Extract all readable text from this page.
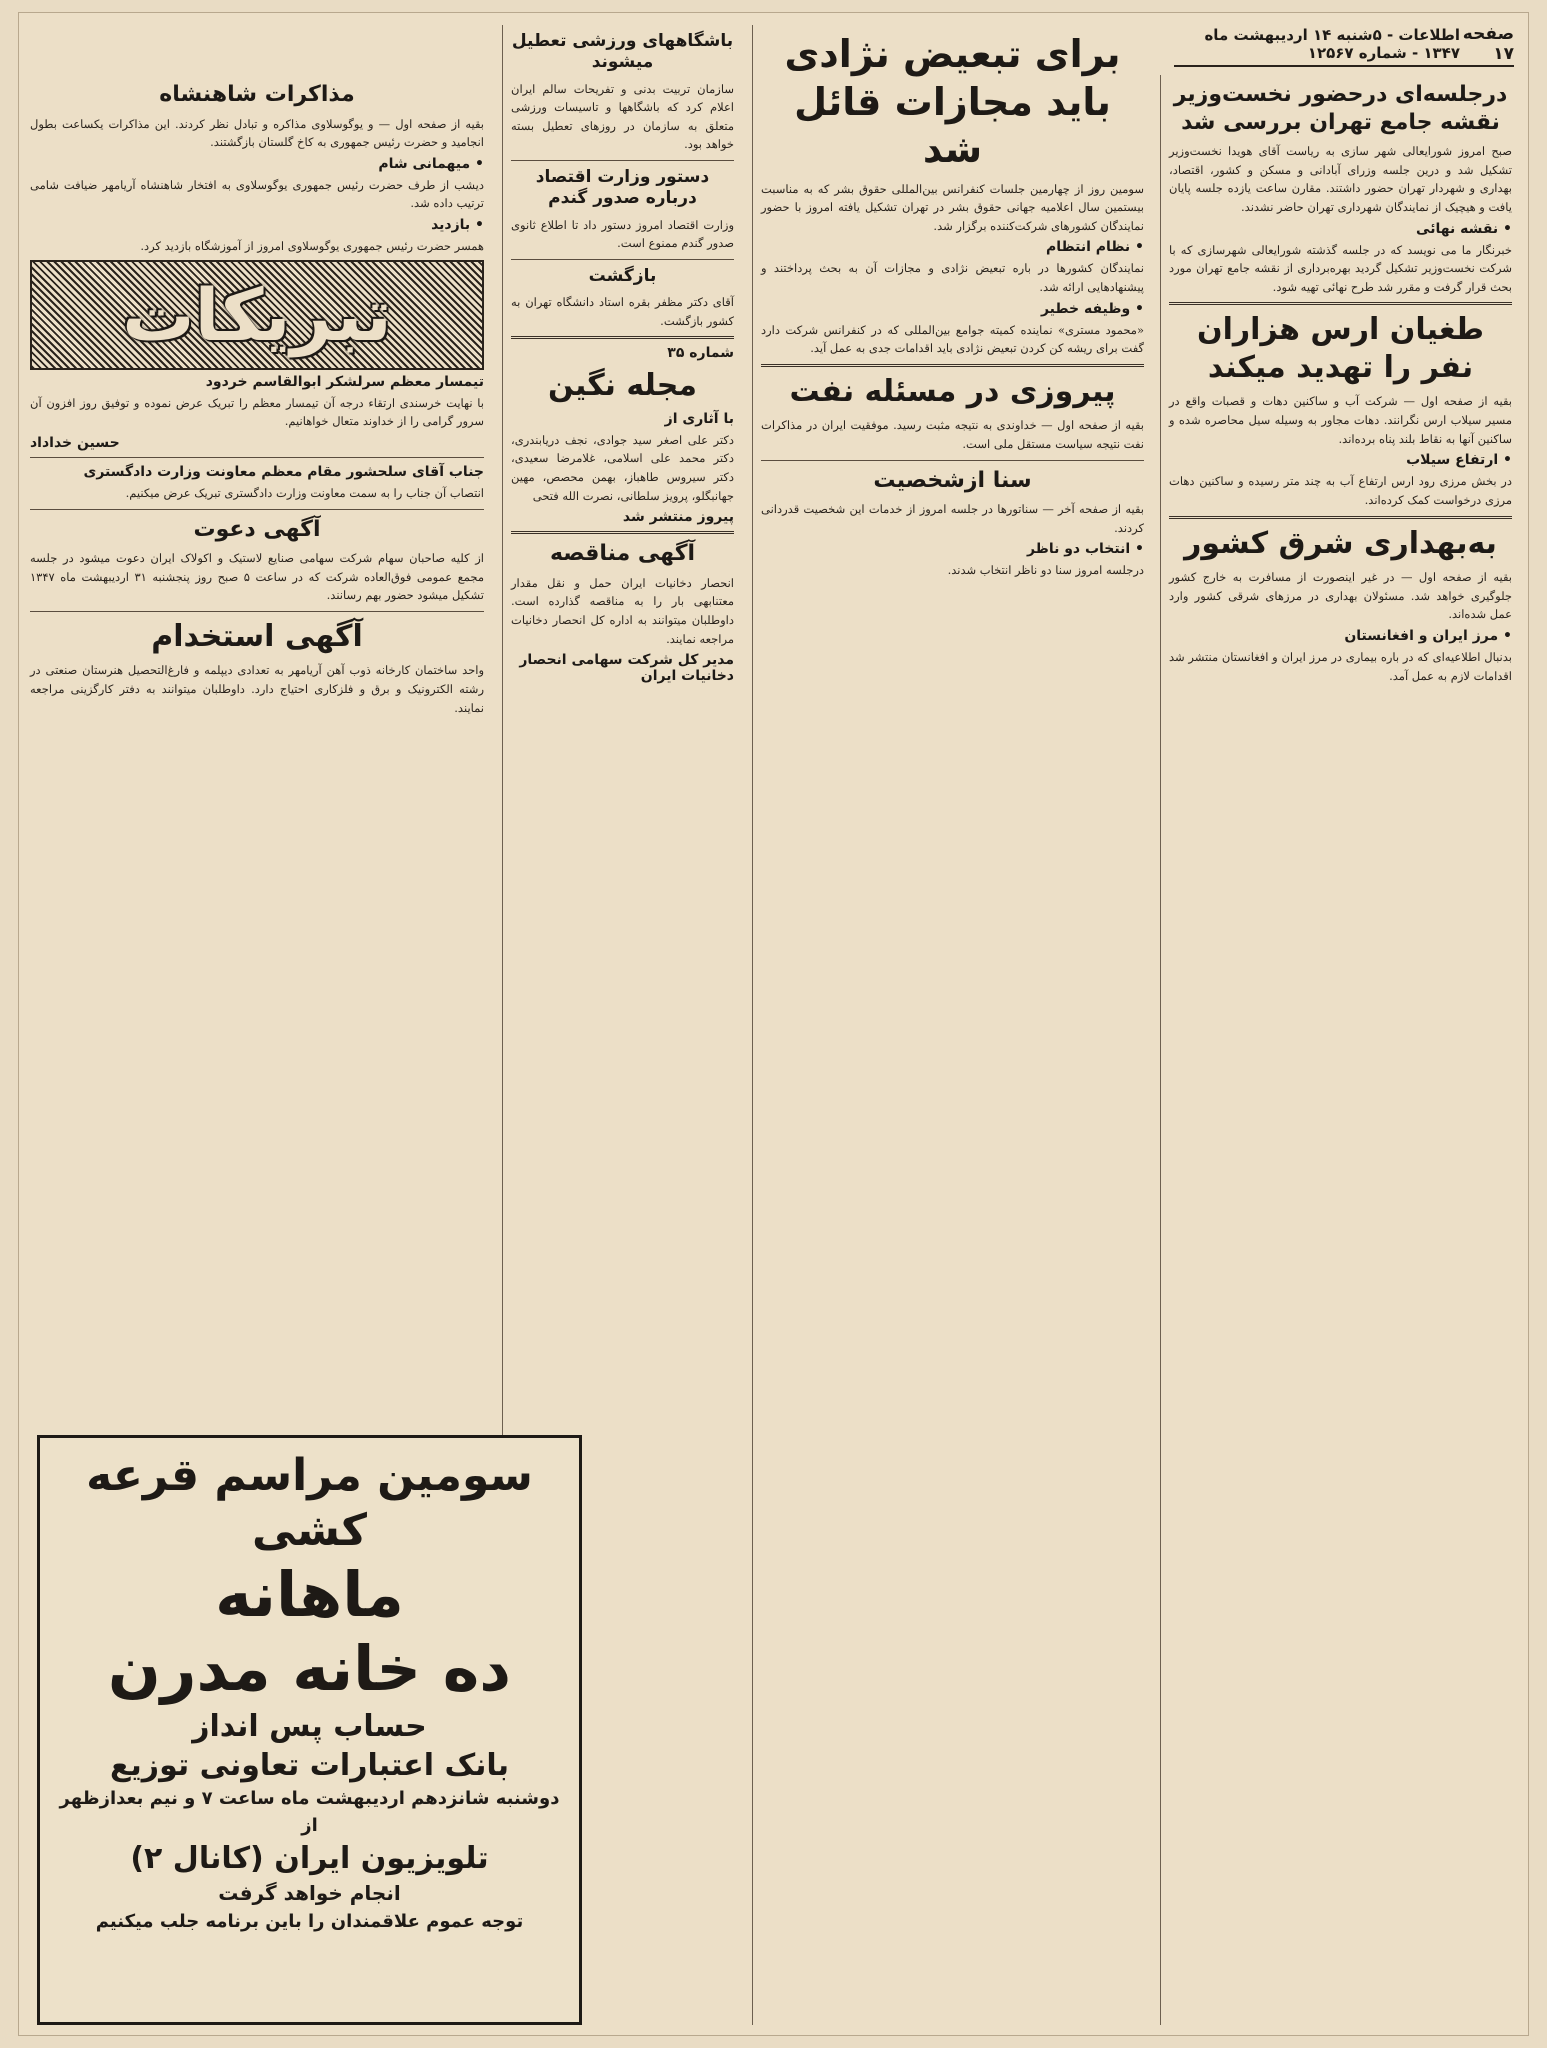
صفحه ۱۷
اطلاعات - ۵شنبه ۱۴ اردیبهشت ماه ۱۳۴۷ - شماره ۱۲۵۶۷
درجلسه‌ای درحضور نخست‌وزیر نقشه جامع تهران بررسی شد
صبح امروز شورایعالی شهر سازی به ریاست آقای هویدا نخست‌وزیر تشکیل شد و درین جلسه وزرای آبادانی و مسکن و کشور، اقتصاد، بهداری و شهردار تهران حضور داشتند. مقارن ساعت یازده جلسه پایان یافت و هیچیک از نمایندگان شهرداری تهران حاضر نشدند.
• نقشه نهائی
خبرنگار ما می نویسد که در جلسه گذشته شورایعالی شهرسازی که با شرکت نخست‌وزیر تشکیل گردید بهره‌برداری از نقشه جامع تهران مورد بحث قرار گرفت و مقرر شد طرح نهائی تهیه شود.
طغیان ارس هزاران نفر را تهدید میکند
بقیه از صفحه اول — شرکت آب و ساکنین دهات و قصبات واقع در مسیر سیلاب ارس نگرانند. دهات مجاور به وسیله سیل محاصره شده و ساکنین آنها به نقاط بلند پناه برده‌اند.
• ارتفاع سیلاب
در بخش مرزی رود ارس ارتفاع آب به چند متر رسیده و ساکنین دهات مرزی درخواست کمک کرده‌اند.
به‌بهداری شرق کشور
بقیه از صفحه اول — در غیر اینصورت از مسافرت به خارج کشور جلوگیری خواهد شد. مسئولان بهداری در مرزهای شرقی کشور وارد عمل شده‌اند.
• مرز ایران و افغانستان
بدنبال اطلاعیه‌ای که در باره بیماری در مرز ایران و افغانستان منتشر شد اقدامات لازم به عمل آمد.
برای تبعیض نژادی باید مجازات قائل شد
سومین روز از چهارمین جلسات کنفرانس بین‌المللی حقوق بشر که به مناسبت بیستمین سال اعلامیه جهانی حقوق بشر در تهران تشکیل یافته امروز با حضور نمایندگان کشورهای شرکت‌کننده برگزار شد.
• نظام انتظام
نمایندگان کشورها در باره تبعیض نژادی و مجازات آن به بحث پرداختند و پیشنهادهایی ارائه شد.
• وظیفه خطیر
«محمود مستری» نماینده کمیته جوامع بین‌المللی که در کنفرانس شرکت دارد گفت برای ریشه کن کردن تبعیض نژادی باید اقدامات جدی به عمل آید.
پیروزی در مسئله نفت
بقیه از صفحه اول — خداوندی به نتیجه مثبت رسید. موفقیت ایران در مذاکرات نفت نتیجه سیاست مستقل ملی است.
سنا ازشخصیت
بقیه از صفحه آخر — سناتورها در جلسه امروز از خدمات این شخصیت قدردانی کردند.
• انتخاب دو ناظر
درجلسه امروز سنا دو ناظر انتخاب شدند.
باشگاههای ورزشی تعطیل میشوند
سازمان تربیت بدنی و تفریحات سالم ایران اعلام کرد که باشگاهها و تاسیسات ورزشی متعلق به سازمان در روزهای تعطیل بسته خواهد بود.
دستور وزارت اقتصاد درباره صدور گندم
وزارت اقتصاد امروز دستور داد تا اطلاع ثانوی صدور گندم ممنوع است.
بازگشت
آقای دکتر مظفر بقره استاد دانشگاه تهران به کشور بازگشت.
شماره ۳۵
مجله نگین
با آثاری از
دکتر علی اصغر سید جوادی، نجف دریابندری، دکتر محمد علی اسلامی، غلامرضا سعیدی، دکتر سیروس طاهباز، بهمن محصص، مهین جهانبگلو، پرویز سلطانی، نصرت الله فتحی
پیروز منتشر شد
آگهی مناقصه
انحصار دخانیات ایران حمل و نقل مقدار معتنابهی بار را به مناقصه گذارده است. داوطلبان میتوانند به اداره کل انحصار دخانیات مراجعه نمایند.
مدیر کل شرکت سهامی انحصار دخانیات ایران
مذاکرات شاهنشاه
بقیه از صفحه اول — و یوگوسلاوی مذاکره و تبادل نظر کردند. این مذاکرات یکساعت بطول انجامید و حضرت رئیس جمهوری به کاخ گلستان بازگشتند.
• میهمانی شام
دیشب از طرف حضرت رئیس جمهوری یوگوسلاوی به افتخار شاهنشاه آریامهر ضیافت شامی ترتیب داده شد.
• بازدید
همسر حضرت رئیس جمهوری یوگوسلاوی امروز از آموزشگاه بازدید کرد.
تبریکات
تیمسار معظم سرلشکر ابوالقاسم خردود
با نهایت خرسندی ارتقاء درجه آن تیمسار معظم را تبریک عرض نموده و توفیق روز افزون آن سرور گرامی را از خداوند متعال خواهانیم.
حسین خداداد
جناب آقای سلحشور مقام معظم معاونت وزارت دادگستری
انتصاب آن جناب را به سمت معاونت وزارت دادگستری تبریک عرض میکنیم.
آگهی دعوت
از کلیه صاحبان سهام شرکت سهامی صنایع لاستیک و اکولاک ایران دعوت میشود در جلسه مجمع عمومی فوق‌العاده شرکت که در ساعت ۵ صبح روز پنجشنبه ۳۱ اردیبهشت ماه ۱۳۴۷ تشکیل میشود حضور بهم رسانند.
آگهی استخدام
واحد ساختمان کارخانه ذوب آهن آریامهر به تعدادی دیپلمه و فارغ‌التحصیل هنرستان صنعتی در رشته الکترونیک و برق و فلزکاری احتیاج دارد. داوطلبان میتوانند به دفتر کارگزینی مراجعه نمایند.
سومین مراسم قرعه کشی
ماهانه
ده خانه مدرن
حساب پس انداز
بانک اعتبارات تعاونی توزیع
دوشنبه شانزدهم اردیبهشت ماه ساعت ۷ و نیم بعدازظهر از
تلویزیون ایران (کانال ۲)
انجام خواهد گرفت
توجه عموم علاقمندان را باین برنامه جلب میکنیم
